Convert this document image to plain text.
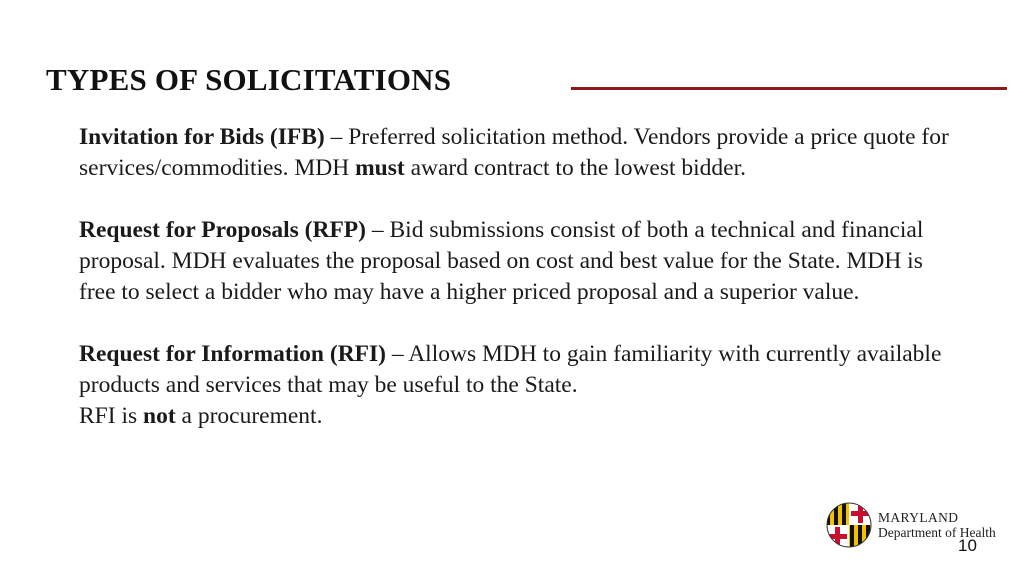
TYPES OF SOLICITATIONS

Invitation for Bids (IFB) – Preferred solicitation method. Vendors provide a price quote for services/commodities. MDH must award contract to the lowest bidder.

Request for Proposals (RFP) – Bid submissions consist of both a technical and financial proposal. MDH evaluates the proposal based on cost and best value for the State. MDH is free to select a bidder who may have a higher priced proposal and a superior value.

Request for Information (RFI) – Allows MDH to gain familiarity with currently available products and services that may be useful to the State.
RFI is not a procurement.

MARYLAND
Department of Health
10
